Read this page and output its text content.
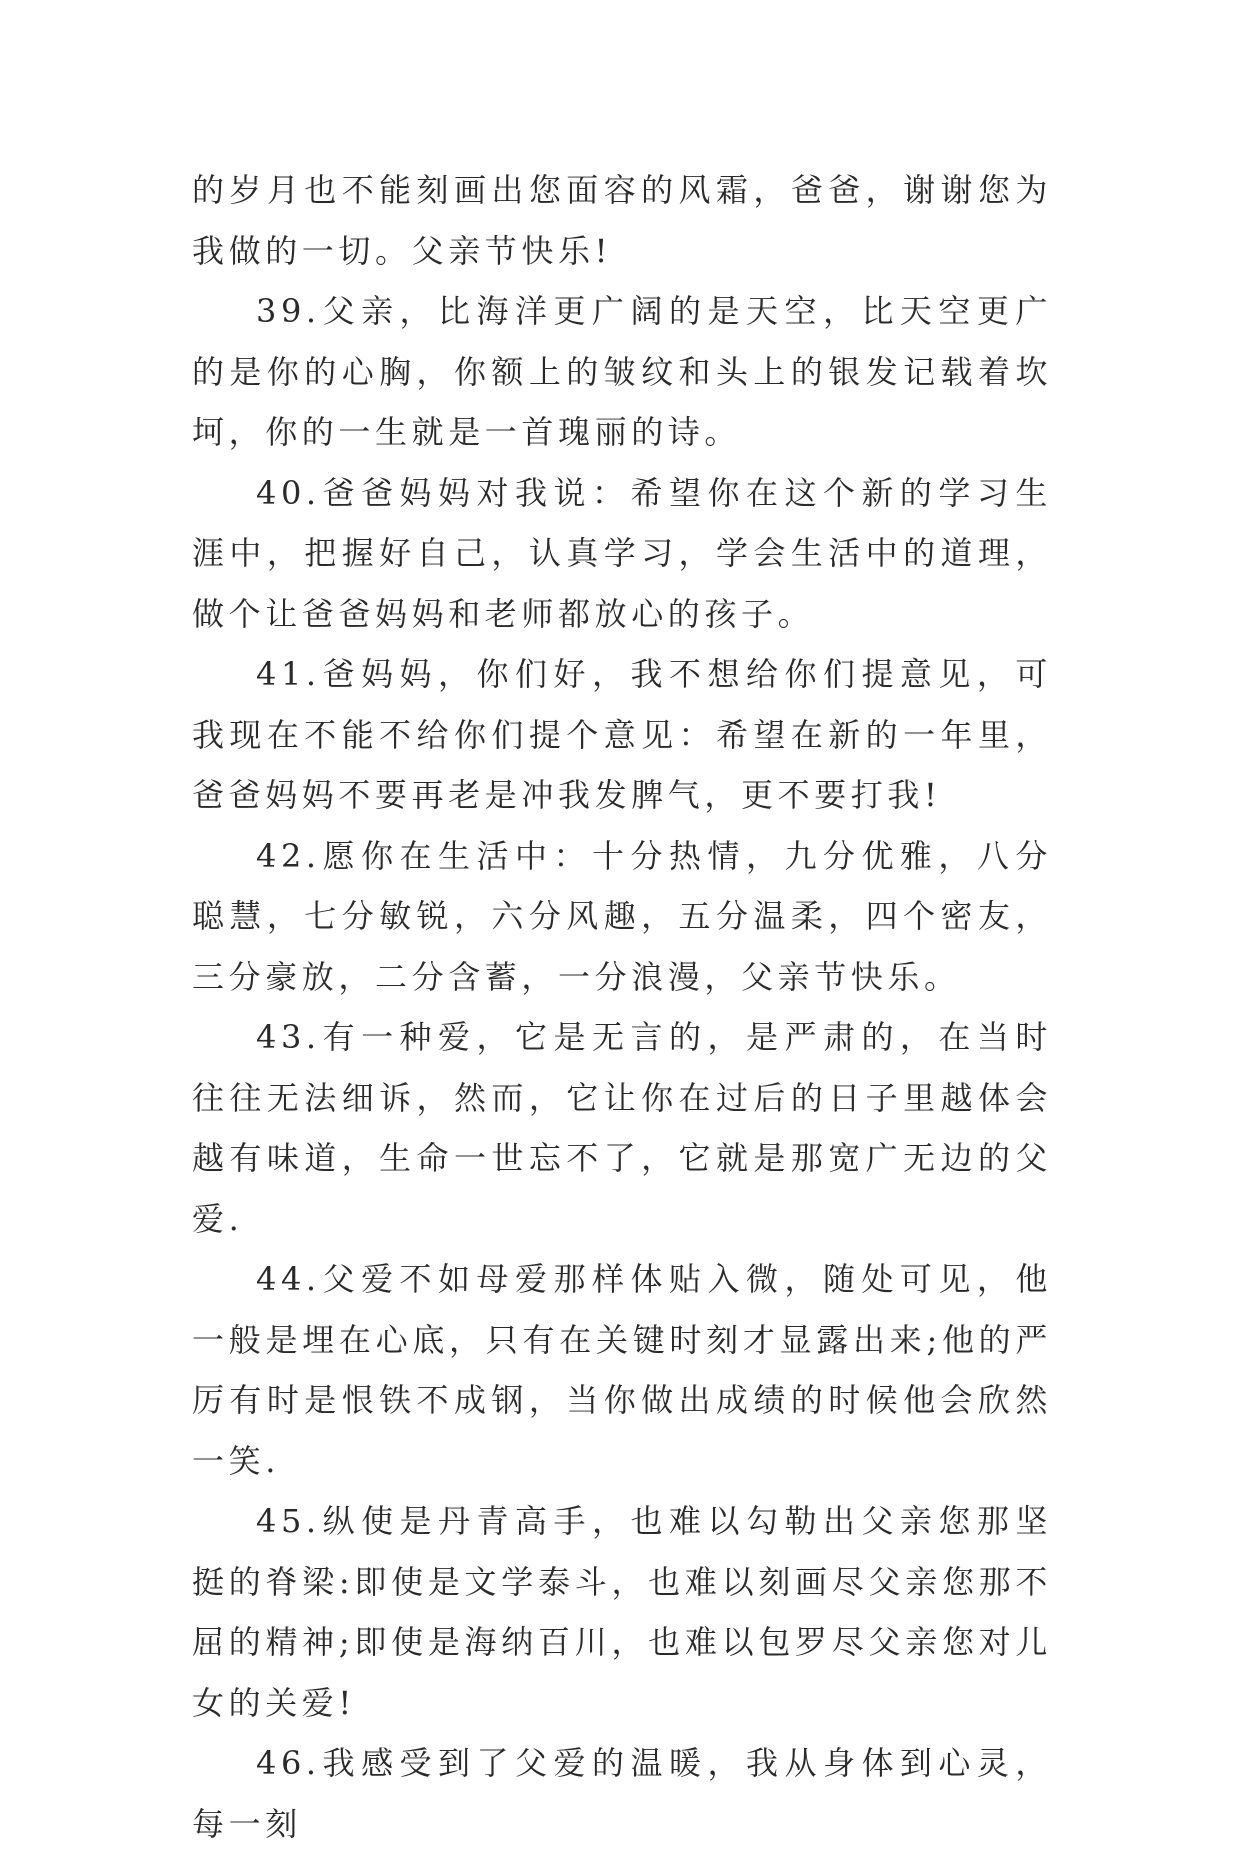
的岁月也不能刻画出您面容的风霜，爸爸，谢谢您为我做的一切。父亲节快乐!

39.父亲，比海洋更广阔的是天空，比天空更广的是你的心胸，你额上的皱纹和头上的银发记载着坎坷，你的一生就是一首瑰丽的诗。

40.爸爸妈妈对我说：希望你在这个新的学习生涯中，把握好自己，认真学习，学会生活中的道理，做个让爸爸妈妈和老师都放心的孩子。

41.爸妈妈，你们好，我不想给你们提意见，可我现在不能不给你们提个意见：希望在新的一年里，爸爸妈妈不要再老是冲我发脾气，更不要打我!

42.愿你在生活中：十分热情，九分优雅，八分聪慧，七分敏锐，六分风趣，五分温柔，四个密友，三分豪放，二分含蓄，一分浪漫，父亲节快乐。

43.有一种爱，它是无言的，是严肃的，在当时往往无法细诉，然而，它让你在过后的日子里越体会越有味道，生命一世忘不了，它就是那宽广无边的父爱.

44.父爱不如母爱那样体贴入微，随处可见，他一般是埋在心底，只有在关键时刻才显露出来;他的严厉有时是恨铁不成钢，当你做出成绩的时候他会欣然一笑.

45.纵使是丹青高手，也难以勾勒出父亲您那坚挺的脊梁:即使是文学泰斗，也难以刻画尽父亲您那不屈的精神;即使是海纳百川，也难以包罗尽父亲您对儿女的关爱!

46.我感受到了父爱的温暖，我从身体到心灵，每一刻
